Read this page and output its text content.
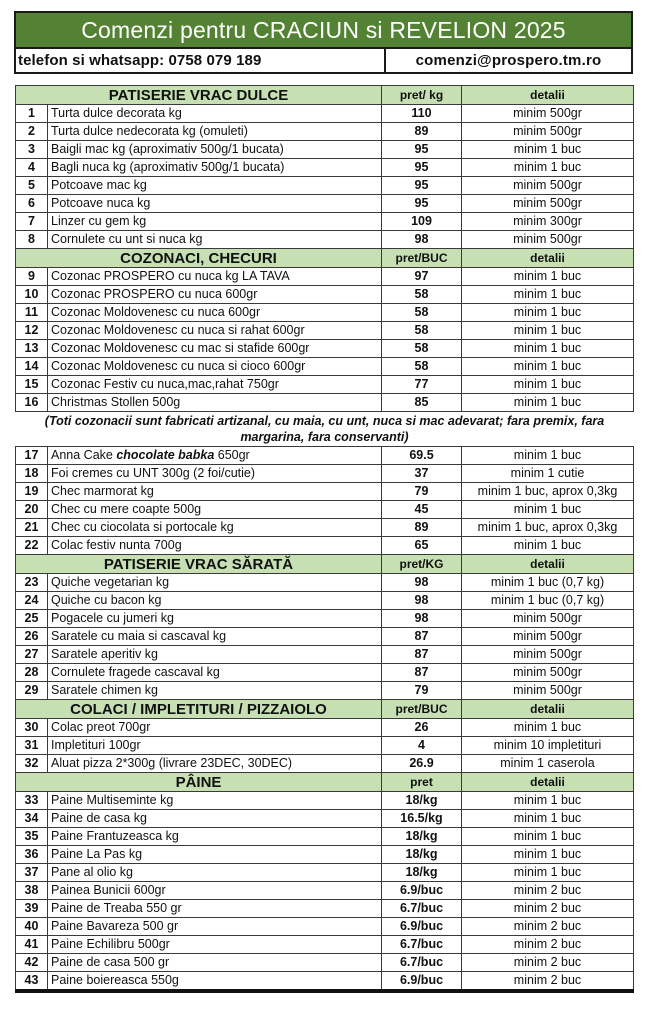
Comenzi pentru CRACIUN si REVELION 2025
telefon si whatsapp: 0758 079 189	comenzi@prospero.tm.ro
PATISERIE VRAC DULCE		pret/ kg	detalii
1	Turta dulce decorata kg	110	minim 500gr
2	Turta dulce nedecorata kg (omuleti)	89	minim 500gr
3	Baigli mac kg (aproximativ 500g/1 bucata)	95	minim 1 buc
4	Bagli nuca kg (aproximativ 500g/1 bucata)	95	minim 1 buc
5	Potcoave mac kg	95	minim 500gr
6	Potcoave nuca kg	95	minim 500gr
7	Linzer cu gem kg	109	minim 300gr
8	Cornulete cu unt si nuca kg	98	minim 500gr
COZONACI, CHECURI		pret/BUC	detalii
9	Cozonac PROSPERO cu nuca kg LA TAVA	97	minim 1 buc
10	Cozonac PROSPERO cu nuca 600gr	58	minim 1 buc
11	Cozonac Moldovenesc cu nuca 600gr	58	minim 1 buc
12	Cozonac Moldovenesc cu nuca si rahat 600gr	58	minim 1 buc
13	Cozonac Moldovenesc cu mac si stafide 600gr	58	minim 1 buc
14	Cozonac Moldovenesc cu nuca si cioco 600gr	58	minim 1 buc
15	Cozonac Festiv cu nuca,mac,rahat 750gr	77	minim 1 buc
16	Christmas Stollen 500g	85	minim 1 buc
(Toti cozonacii sunt fabricati artizanal, cu maia, cu unt, nuca si mac adevarat; fara premix, fara margarina, fara conservanti)			
17	Anna Cake chocolate babka 650gr	69.5	minim 1 buc
18	Foi cremes cu UNT 300g (2 foi/cutie)	37	minim 1 cutie
19	Chec marmorat kg	79	minim 1 buc, aprox 0,3kg
20	Chec cu mere coapte 500g	45	minim 1 buc
21	Chec cu ciocolata si portocale kg	89	minim 1 buc, aprox 0,3kg
22	Colac festiv nunta 700g	65	minim 1 buc
PATISERIE VRAC SĂRATĂ		pret/KG	detalii
23	Quiche vegetarian kg	98	minim 1 buc (0,7 kg)
24	Quiche cu bacon kg	98	minim 1 buc (0,7 kg)
25	Pogacele cu jumeri kg	98	minim 500gr
26	Saratele cu maia si cascaval kg	87	minim 500gr
27	Saratele aperitiv kg	87	minim 500gr
28	Cornulete fragede cascaval kg	87	minim 500gr
29	Saratele chimen kg	79	minim 500gr
COLACI / IMPLETITURI / PIZZAIOLO		pret/BUC	detalii
30	Colac preot 700gr	26	minim 1 buc
31	Impletituri 100gr	4	minim 10 impletituri
32	Aluat pizza 2*300g (livrare 23DEC, 30DEC)	26.9	minim 1 caserola
PÂINE		pret	detalii
33	Paine Multiseminte kg	18/kg	minim 1 buc
34	Paine de casa kg	16.5/kg	minim 1 buc
35	Paine Frantuzeasca kg	18/kg	minim 1 buc
36	Paine La Pas kg	18/kg	minim 1 buc
37	Pane al olio kg	18/kg	minim 1 buc
38	Painea Bunicii 600gr	6.9/buc	minim 2 buc
39	Paine de Treaba 550 gr	6.7/buc	minim 2 buc
40	Paine Bavareza 500 gr	6.9/buc	minim 2 buc
41	Paine Echilibru 500gr	6.7/buc	minim 2 buc
42	Paine de casa 500 gr	6.7/buc	minim 2 buc
43	Paine boiereasca 550g	6.9/buc	minim 2 buc
